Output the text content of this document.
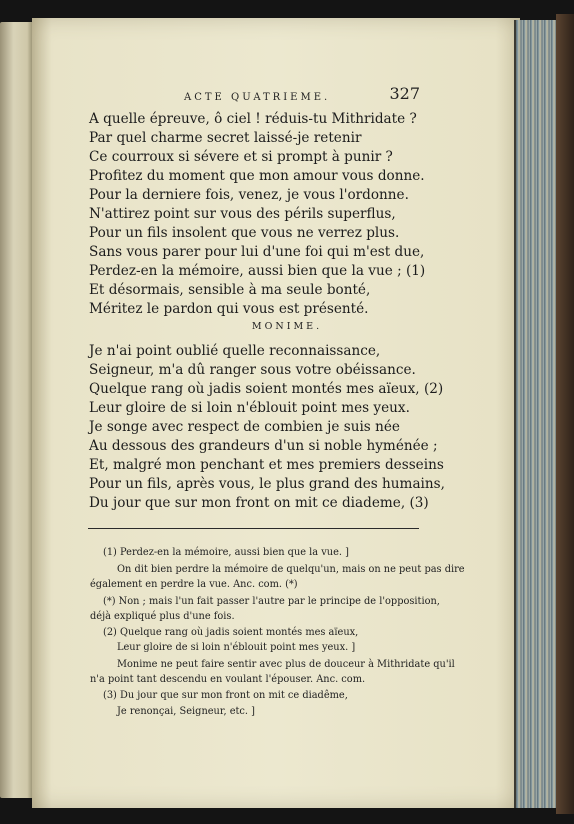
ACTE QUATRIEME.	327
A quelle épreuve, ô ciel ! réduis-tu Mithridate ?
Par quel charme secret laissé-je retenir
Ce courroux si sévere et si prompt à punir ?
Profitez du moment que mon amour vous donne.
Pour la derniere fois, venez, je vous l'ordonne.
N'attirez point sur vous des périls superflus,
Pour un fils insolent que vous ne verrez plus.
Sans vous parer pour lui d'une foi qui m'est due,
Perdez-en la mémoire, aussi bien que la vue ; (1)
Et désormais, sensible à ma seule bonté,
Méritez le pardon qui vous est présenté.
MONIME.
Je n'ai point oublié quelle reconnaissance,
Seigneur, m'a dû ranger sous votre obéissance.
Quelque rang où jadis soient montés mes aïeux, (2)
Leur gloire de si loin n'éblouit point mes yeux.
Je songe avec respect de combien je suis née
Au dessous des grandeurs d'un si noble hyménée ;
Et, malgré mon penchant et mes premiers desseins
Pour un fils, après vous, le plus grand des humains,
Du jour que sur mon front on mit ce diademe, (3)
(1) Perdez-en la mémoire, aussi bien que la vue. ]
On dit bien perdre la mémoire de quelqu'un, mais on ne peut pas dire
également en perdre la vue. Anc. com. (*)
(*) Non ; mais l'un fait passer l'autre par le principe de l'opposition,
déjà expliqué plus d'une fois.
(2) Quelque rang où jadis soient montés mes aïeux,
Leur gloire de si loin n'éblouit point mes yeux. ]
Monime ne peut faire sentir avec plus de douceur à Mithridate qu'il
n'a point tant descendu en voulant l'épouser. Anc. com.
(3) Du jour que sur mon front on mit ce diadême,
Je renonçai, Seigneur, etc. ]
